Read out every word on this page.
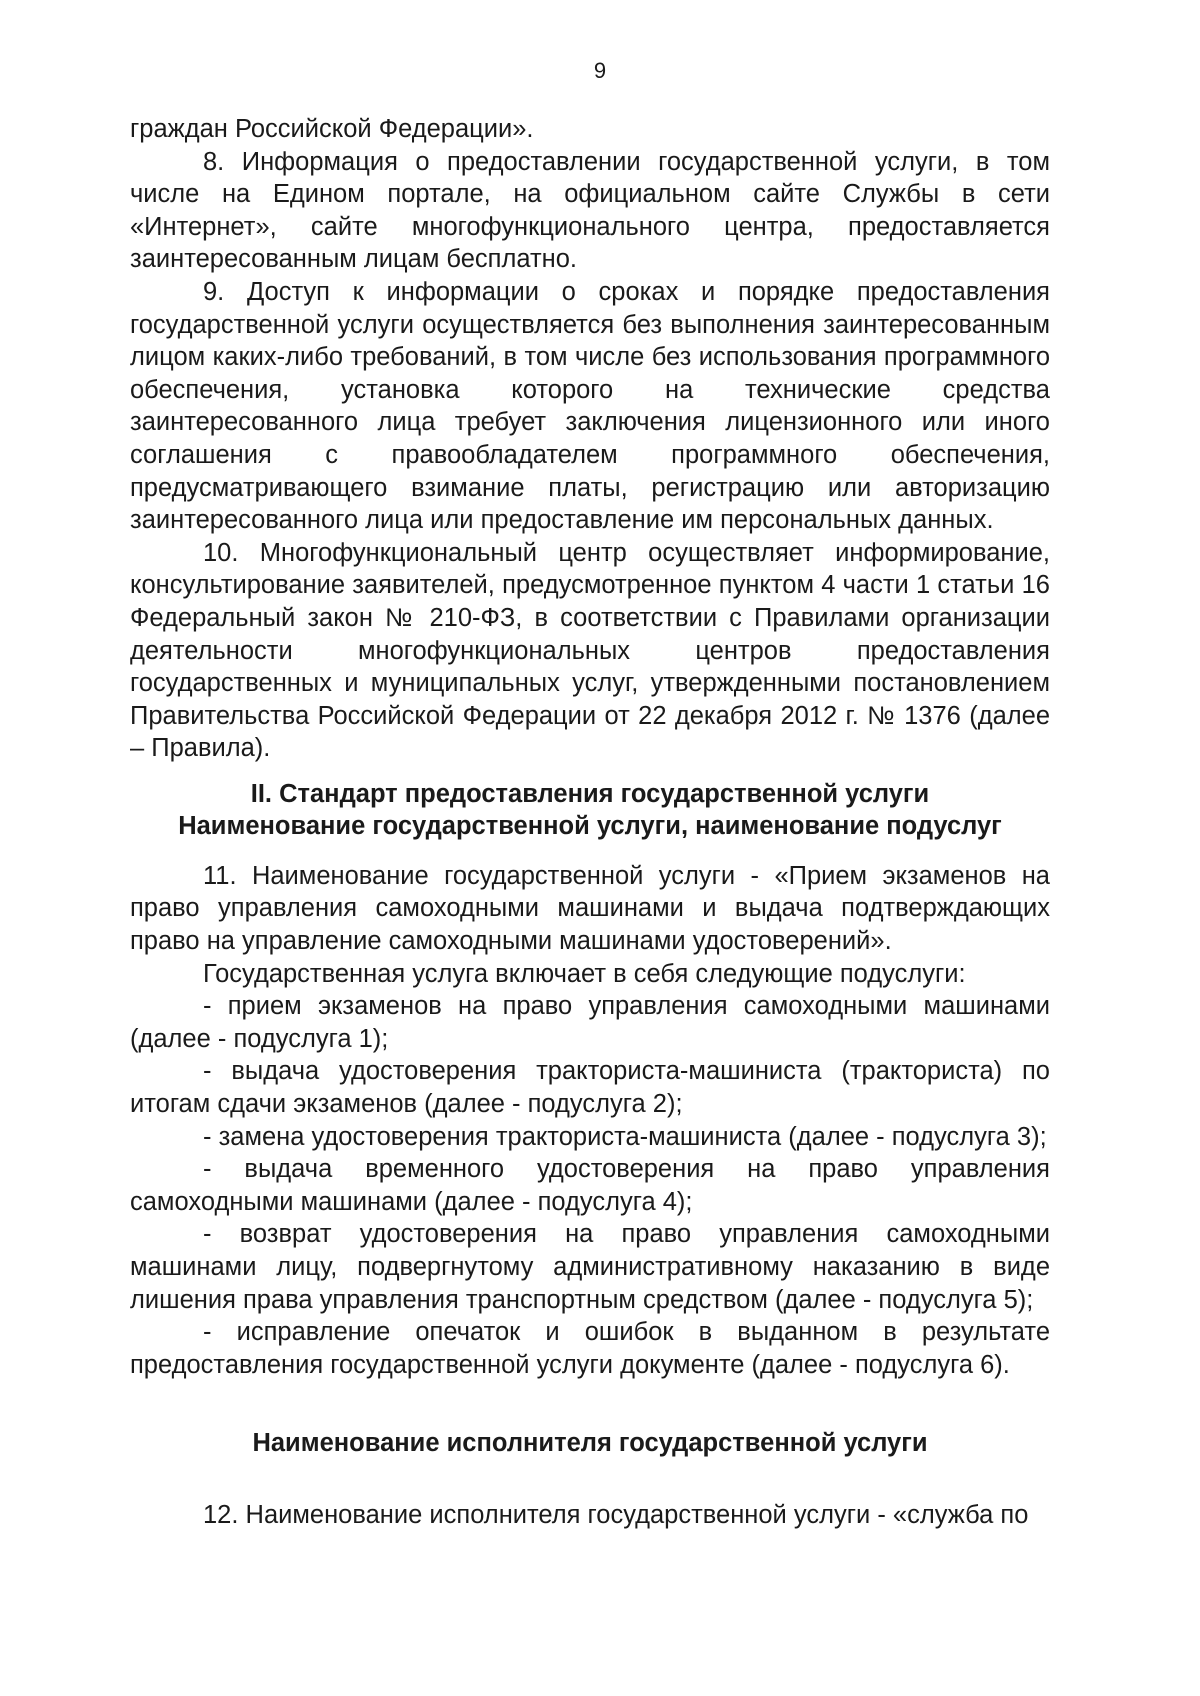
9

граждан Российской Федерации».

8. Информация о предоставлении государственной услуги, в том числе на Едином портале, на официальном сайте Службы в сети «Интернет», сайте многофункционального центра, предоставляется заинтересованным лицам бесплатно.

9. Доступ к информации о сроках и порядке предоставления государственной услуги осуществляется без выполнения заинтересованным лицом каких-либо требований, в том числе без использования программного обеспечения, установка которого на технические средства заинтересованного лица требует заключения лицензионного или иного соглашения с правообладателем программного обеспечения, предусматривающего взимание платы, регистрацию или авторизацию заинтересованного лица или предоставление им персональных данных.

10. Многофункциональный центр осуществляет информирование, консультирование заявителей, предусмотренное пунктом 4 части 1 статьи 16 Федеральный закон № 210-ФЗ, в соответствии с Правилами организации деятельности многофункциональных центров предоставления государственных и муниципальных услуг, утвержденными постановлением Правительства Российской Федерации от 22 декабря 2012 г. № 1376 (далее – Правила).

II. Стандарт предоставления государственной услуги
Наименование государственной услуги, наименование подуслуг

11. Наименование государственной услуги - «Прием экзаменов на право управления самоходными машинами и выдача подтверждающих право на управление самоходными машинами удостоверений».

Государственная услуга включает в себя следующие подуслуги:

- прием экзаменов на право управления самоходными машинами (далее - подуслуга 1);

- выдача удостоверения тракториста-машиниста (тракториста) по итогам сдачи экзаменов (далее - подуслуга 2);

- замена удостоверения тракториста-машиниста (далее - подуслуга 3);

- выдача временного удостоверения на право управления самоходными машинами (далее - подуслуга 4);

- возврат удостоверения на право управления самоходными машинами лицу, подвергнутому административному наказанию в виде лишения права управления транспортным средством (далее - подуслуга 5);

- исправление опечаток и ошибок в выданном в результате предоставления государственной услуги документе (далее - подуслуга 6).

Наименование исполнителя государственной услуги

12. Наименование исполнителя государственной услуги - «служба по
